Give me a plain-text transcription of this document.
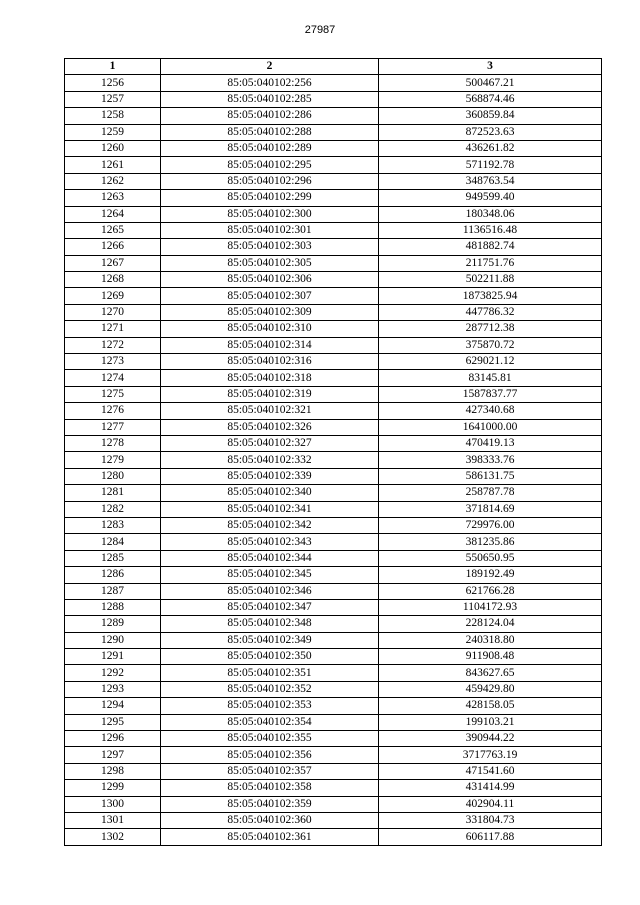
27987
1	2	3
1256	85:05:040102:256	500467.21
1257	85:05:040102:285	568874.46
1258	85:05:040102:286	360859.84
1259	85:05:040102:288	872523.63
1260	85:05:040102:289	436261.82
1261	85:05:040102:295	571192.78
1262	85:05:040102:296	348763.54
1263	85:05:040102:299	949599.40
1264	85:05:040102:300	180348.06
1265	85:05:040102:301	1136516.48
1266	85:05:040102:303	481882.74
1267	85:05:040102:305	211751.76
1268	85:05:040102:306	502211.88
1269	85:05:040102:307	1873825.94
1270	85:05:040102:309	447786.32
1271	85:05:040102:310	287712.38
1272	85:05:040102:314	375870.72
1273	85:05:040102:316	629021.12
1274	85:05:040102:318	83145.81
1275	85:05:040102:319	1587837.77
1276	85:05:040102:321	427340.68
1277	85:05:040102:326	1641000.00
1278	85:05:040102:327	470419.13
1279	85:05:040102:332	398333.76
1280	85:05:040102:339	586131.75
1281	85:05:040102:340	258787.78
1282	85:05:040102:341	371814.69
1283	85:05:040102:342	729976.00
1284	85:05:040102:343	381235.86
1285	85:05:040102:344	550650.95
1286	85:05:040102:345	189192.49
1287	85:05:040102:346	621766.28
1288	85:05:040102:347	1104172.93
1289	85:05:040102:348	228124.04
1290	85:05:040102:349	240318.80
1291	85:05:040102:350	911908.48
1292	85:05:040102:351	843627.65
1293	85:05:040102:352	459429.80
1294	85:05:040102:353	428158.05
1295	85:05:040102:354	199103.21
1296	85:05:040102:355	390944.22
1297	85:05:040102:356	3717763.19
1298	85:05:040102:357	471541.60
1299	85:05:040102:358	431414.99
1300	85:05:040102:359	402904.11
1301	85:05:040102:360	331804.73
1302	85:05:040102:361	606117.88
